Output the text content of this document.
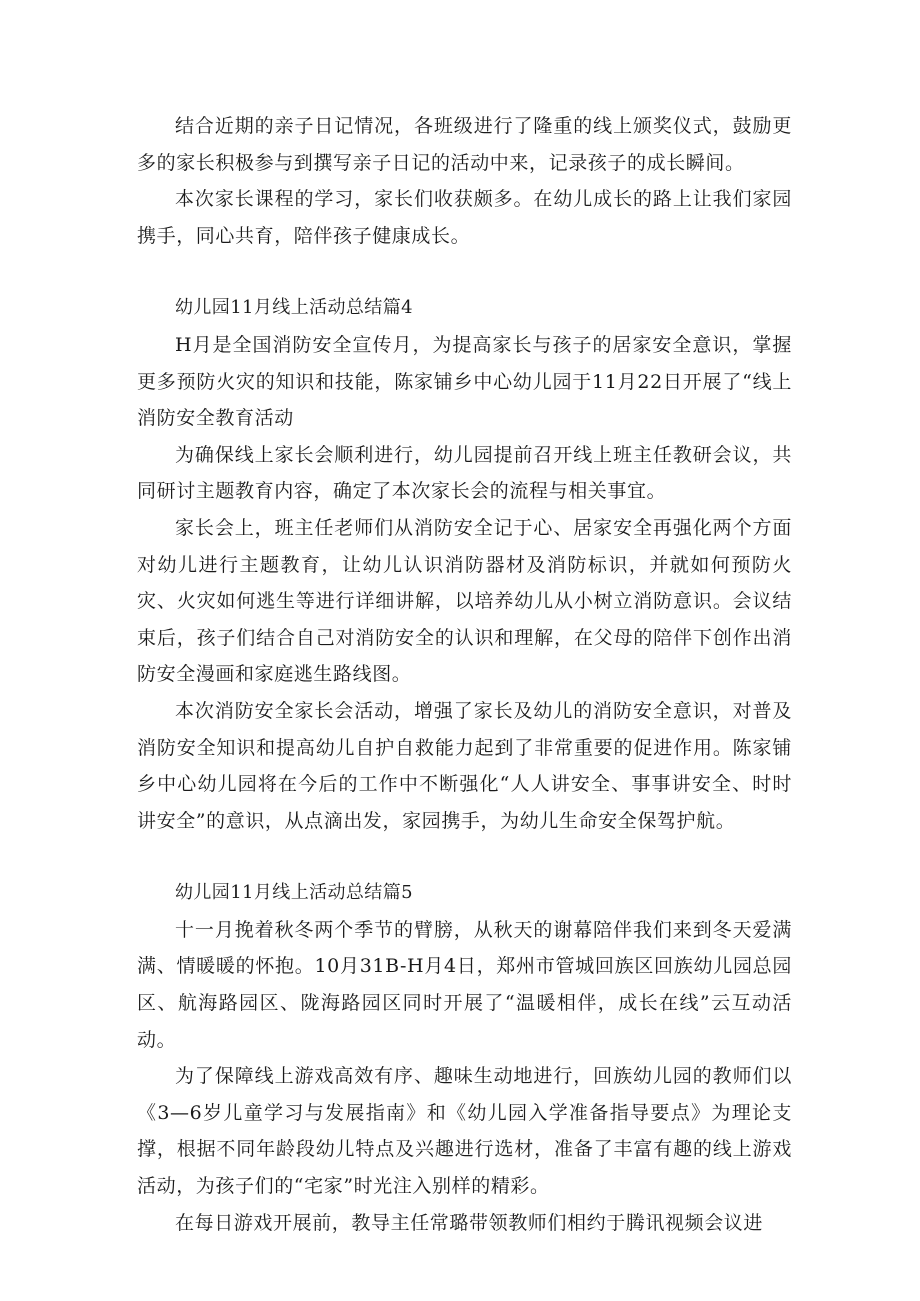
结合近期的亲子日记情况，各班级进行了隆重的线上颁奖仪式，鼓励更多的家长积极参与到撰写亲子日记的活动中来，记录孩子的成长瞬间。

本次家长课程的学习，家长们收获颇多。在幼儿成长的路上让我们家园携手，同心共育，陪伴孩子健康成长。

幼儿园11月线上活动总结篇4

H月是全国消防安全宣传月，为提高家长与孩子的居家安全意识，掌握更多预防火灾的知识和技能，陈家铺乡中心幼儿园于11月22日开展了“线上消防安全教育活动

为确保线上家长会顺利进行，幼儿园提前召开线上班主任教研会议，共同研讨主题教育内容，确定了本次家长会的流程与相关事宜。

家长会上，班主任老师们从消防安全记于心、居家安全再强化两个方面对幼儿进行主题教育，让幼儿认识消防器材及消防标识，并就如何预防火灾、火灾如何逃生等进行详细讲解，以培养幼儿从小树立消防意识。会议结束后，孩子们结合自己对消防安全的认识和理解，在父母的陪伴下创作出消防安全漫画和家庭逃生路线图。

本次消防安全家长会活动，增强了家长及幼儿的消防安全意识，对普及消防安全知识和提高幼儿自护自救能力起到了非常重要的促进作用。陈家铺乡中心幼儿园将在今后的工作中不断强化“人人讲安全、事事讲安全、时时讲安全”的意识，从点滴出发，家园携手，为幼儿生命安全保驾护航。

幼儿园11月线上活动总结篇5

十一月挽着秋冬两个季节的臂膀，从秋天的谢幕陪伴我们来到冬天爱满满、情暖暖的怀抱。10月31B-H月4日，郑州市管城回族区回族幼儿园总园区、航海路园区、陇海路园区同时开展了“温暖相伴，成长在线”云互动活动。

为了保障线上游戏高效有序、趣味生动地进行，回族幼儿园的教师们以《3—6岁儿童学习与发展指南》和《幼儿园入学准备指导要点》为理论支撑，根据不同年龄段幼儿特点及兴趣进行选材，准备了丰富有趣的线上游戏活动，为孩子们的“宅家”时光注入别样的精彩。

在每日游戏开展前，教导主任常璐带领教师们相约于腾讯视频会议进
